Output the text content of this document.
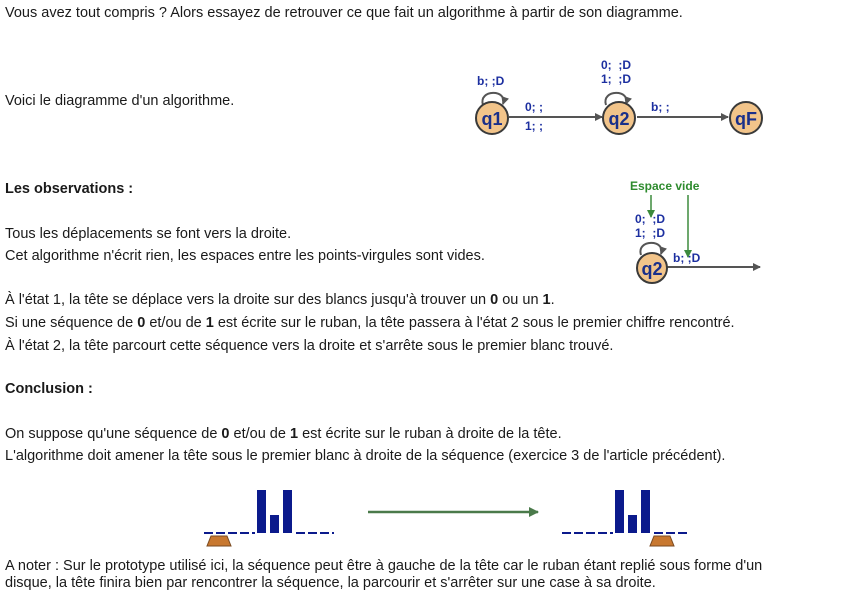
Vous avez tout compris ? Alors essayez de retrouver ce que fait un algorithme à partir de son diagramme.
Voici le diagramme d'un algorithme.
q1	q2	qF
b; ;D
0; ;
1; ;
0;  ;D
1;  ;D
b; ;
Espace vide
q2
0;  ;D
1;  ;D
b; ;D
Les observations :
Tous les déplacements se font vers la droite.
Cet algorithme n'écrit rien, les espaces entre les points-virgules sont vides.
À l'état 1, la tête se déplace vers la droite sur des blancs jusqu'à trouver un 0 ou un 1.
Si une séquence de 0 et/ou de 1 est écrite sur le ruban, la tête passera à l'état 2 sous le premier chiffre rencontré.
À l'état 2, la tête parcourt cette séquence vers la droite et s'arrête sous le premier blanc trouvé.
Conclusion :
On suppose qu'une séquence de 0 et/ou de 1 est écrite sur le ruban à droite de la tête.
L'algorithme doit amener la tête sous le premier blanc à droite de la séquence (exercice 3 de l'article précédent).
A noter : Sur le prototype utilisé ici, la séquence peut être à gauche de la tête car le ruban étant replié sous forme d'un
disque, la tête finira bien par rencontrer la séquence, la parcourir et s'arrêter sur une case à sa droite.
